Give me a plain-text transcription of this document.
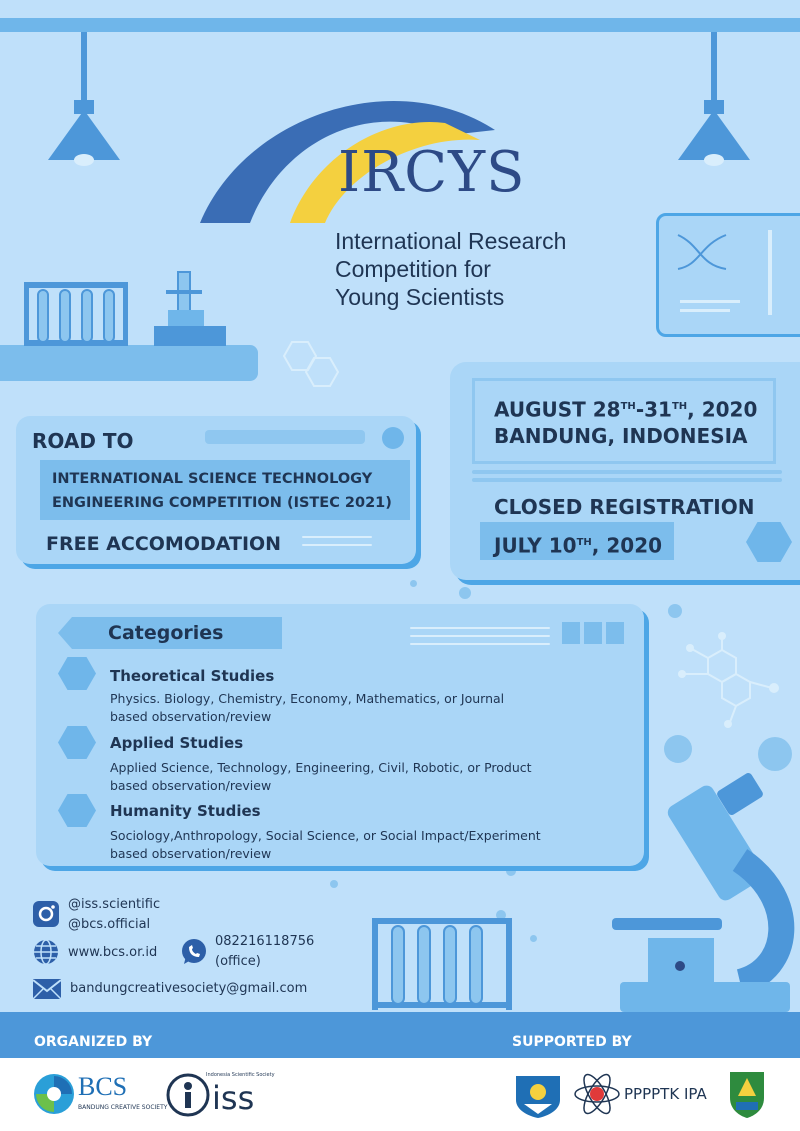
IRCYS
International Research
Competition for
Young Scientists
AUGUST 28TH-31TH, 2020
BANDUNG, INDONESIA
CLOSED REGISTRATION
JULY 10TH, 2020
ROAD TO
INTERNATIONAL SCIENCE TECHNOLOGY
ENGINEERING COMPETITION (ISTEC 2021)
FREE ACCOMODATION
Categories
Theoretical Studies
Physics. Biology, Chemistry, Economy, Mathematics, or Journal
based observation/review
Applied Studies
Applied Science, Technology, Engineering, Civil, Robotic, or Product
based observation/review
Humanity Studies
Sociology,Anthropology, Social Science, or Social Impact/Experiment
based observation/review
@iss.scientific
@bcs.official
www.bcs.or.id
082216118756
(office)
bandungcreativesociety@gmail.com
ORGANIZED BY	SUPPORTED BY
BCS
BANDUNG CREATIVE SOCIETY iss
Indonesia Scientific Society
PPPPTK IPA
